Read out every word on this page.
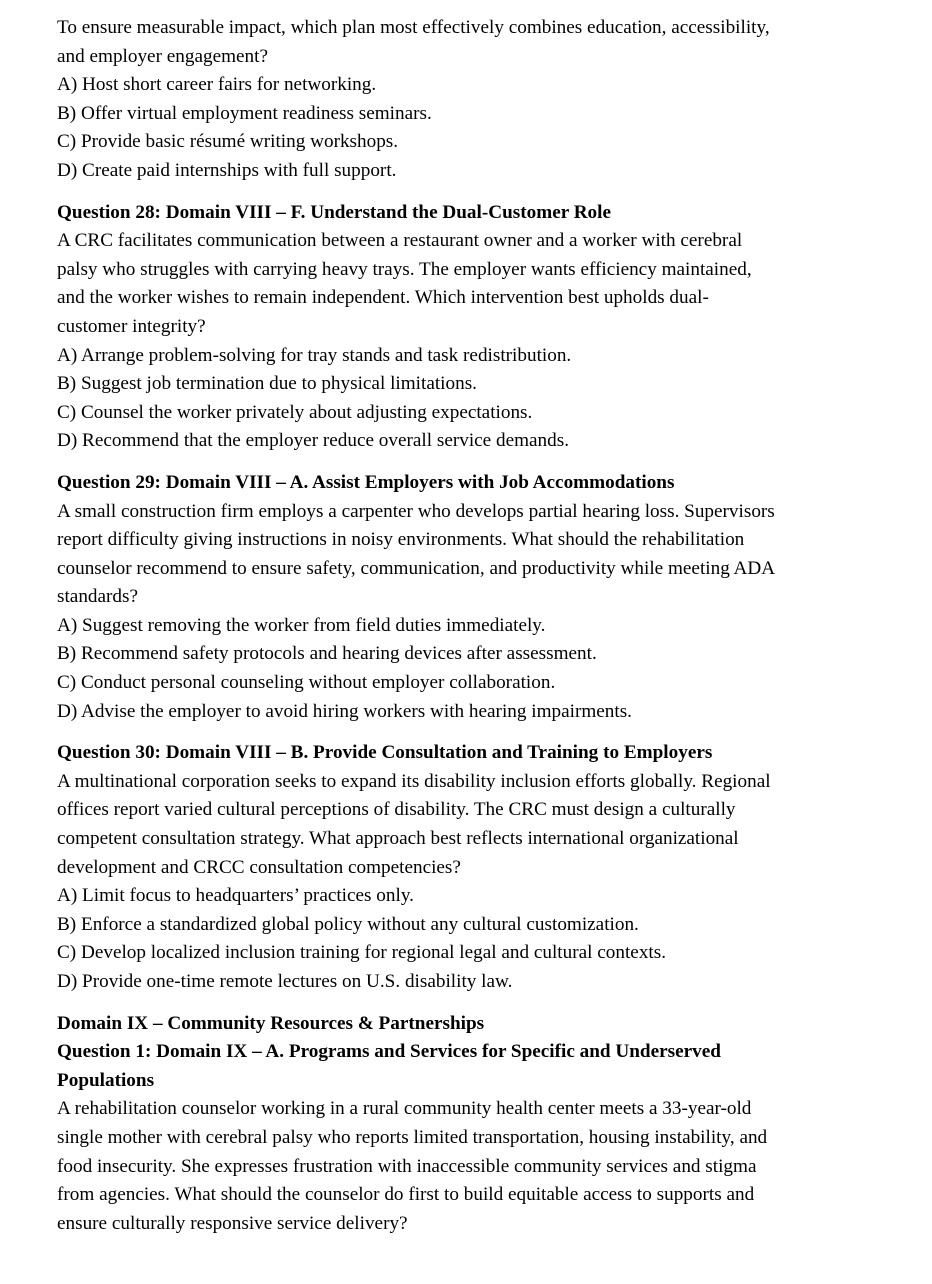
To ensure measurable impact, which plan most effectively combines education, accessibility,
and employer engagement?
A) Host short career fairs for networking.
B) Offer virtual employment readiness seminars.
C) Provide basic résumé writing workshops.
D) Create paid internships with full support.
Question 28: Domain VIII – F. Understand the Dual-Customer Role
A CRC facilitates communication between a restaurant owner and a worker with cerebral
palsy who struggles with carrying heavy trays. The employer wants efficiency maintained,
and the worker wishes to remain independent. Which intervention best upholds dual-
customer integrity?
A) Arrange problem-solving for tray stands and task redistribution.
B) Suggest job termination due to physical limitations.
C) Counsel the worker privately about adjusting expectations.
D) Recommend that the employer reduce overall service demands.
Question 29: Domain VIII – A. Assist Employers with Job Accommodations
A small construction firm employs a carpenter who develops partial hearing loss. Supervisors
report difficulty giving instructions in noisy environments. What should the rehabilitation
counselor recommend to ensure safety, communication, and productivity while meeting ADA
standards?
A) Suggest removing the worker from field duties immediately.
B) Recommend safety protocols and hearing devices after assessment.
C) Conduct personal counseling without employer collaboration.
D) Advise the employer to avoid hiring workers with hearing impairments.
Question 30: Domain VIII – B. Provide Consultation and Training to Employers
A multinational corporation seeks to expand its disability inclusion efforts globally. Regional
offices report varied cultural perceptions of disability. The CRC must design a culturally
competent consultation strategy. What approach best reflects international organizational
development and CRCC consultation competencies?
A) Limit focus to headquarters’ practices only.
B) Enforce a standardized global policy without any cultural customization.
C) Develop localized inclusion training for regional legal and cultural contexts.
D) Provide one-time remote lectures on U.S. disability law.
Domain IX – Community Resources & Partnerships
Question 1: Domain IX – A. Programs and Services for Specific and Underserved
Populations
A rehabilitation counselor working in a rural community health center meets a 33-year-old
single mother with cerebral palsy who reports limited transportation, housing instability, and
food insecurity. She expresses frustration with inaccessible community services and stigma
from agencies. What should the counselor do first to build equitable access to supports and
ensure culturally responsive service delivery?
